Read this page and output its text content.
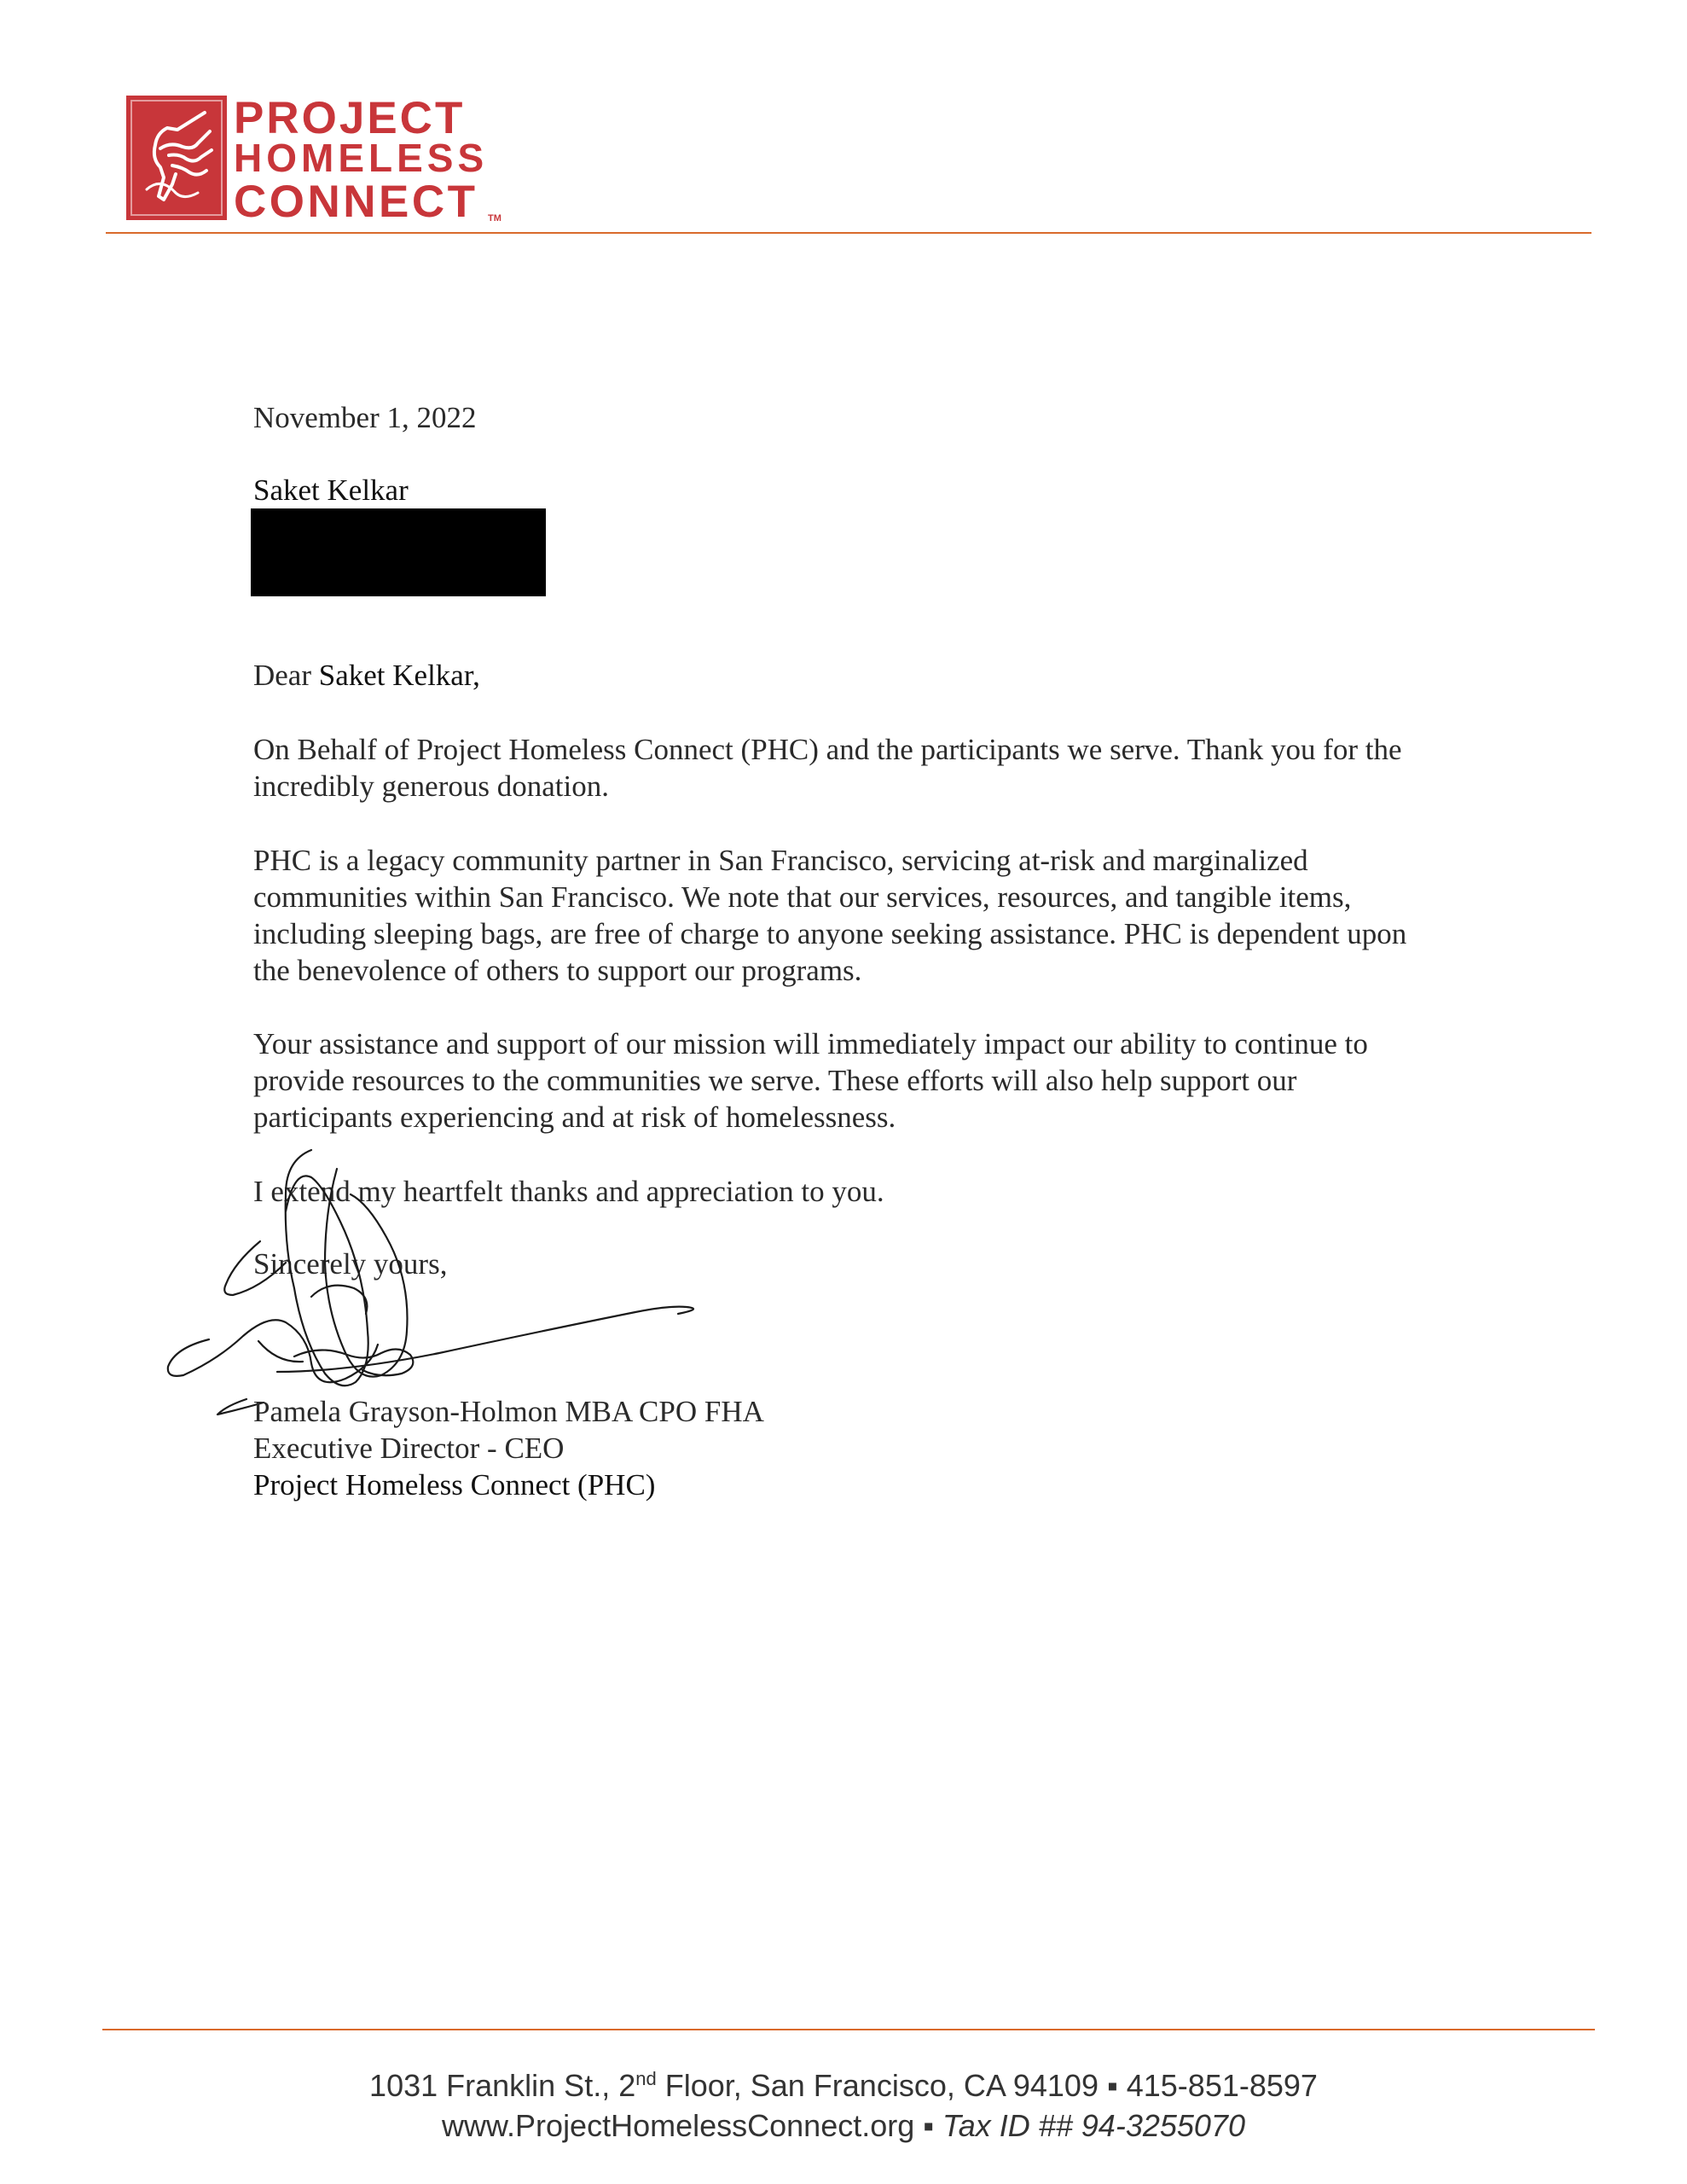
PROJECT
HOMELESS
CONNECT	TM
November 1, 2022
Saket Kelkar
Dear Saket Kelkar,
On Behalf of Project Homeless Connect (PHC) and the participants we serve. Thank you for the
incredibly generous donation.
PHC is a legacy community partner in San Francisco, servicing at-risk and marginalized
communities within San Francisco. We note that our services, resources, and tangible items,
including sleeping bags, are free of charge to anyone seeking assistance. PHC is dependent upon
the benevolence of others to support our programs.
Your assistance and support of our mission will immediately impact our ability to continue to
provide resources to the communities we serve. These efforts will also help support our
participants experiencing and at risk of homelessness.
I extend my heartfelt thanks and appreciation to you.
Sincerely yours,
Pamela Grayson-Holmon MBA CPO FHA
Executive Director - CEO
Project Homeless Connect (PHC)
1031 Franklin St., 2nd Floor, San Francisco, CA 94109 ▪ 415-851-8597
www.ProjectHomelessConnect.org ▪ Tax ID ## 94-3255070
